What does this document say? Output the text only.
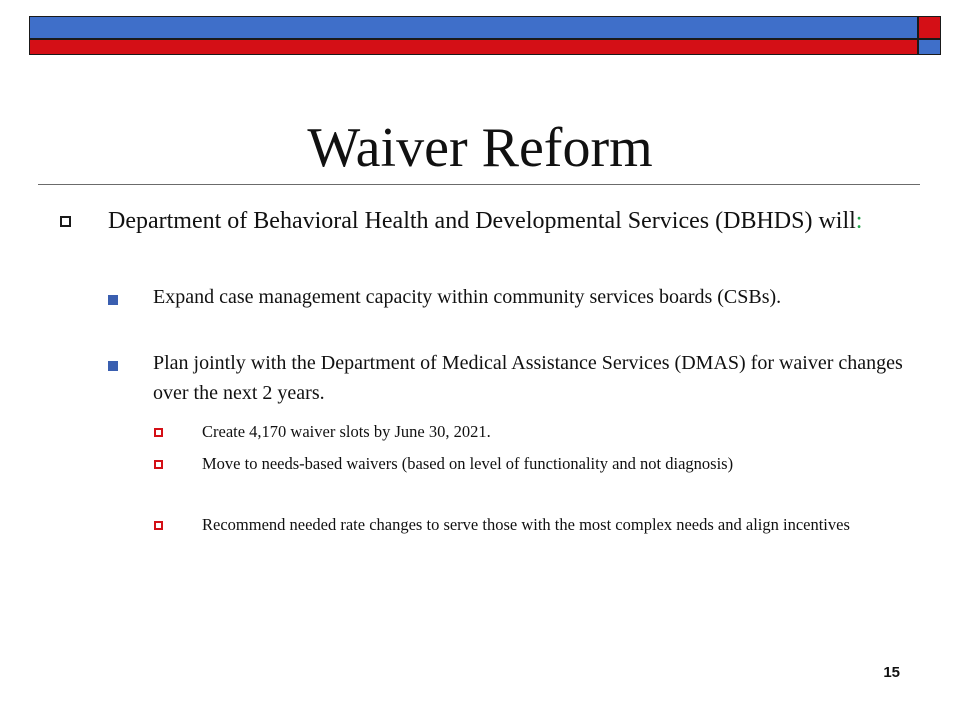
Waiver Reform
Department of Behavioral Health and Developmental Services (DBHDS) will:
Expand case management capacity within community services boards (CSBs).
Plan jointly with the Department of Medical Assistance Services (DMAS) for waiver changes over the next 2 years.
Create 4,170 waiver slots by June 30, 2021.
Move to needs-based waivers (based on level of functionality and not diagnosis)
Recommend needed rate changes to serve those with the most complex needs and align incentives
15
